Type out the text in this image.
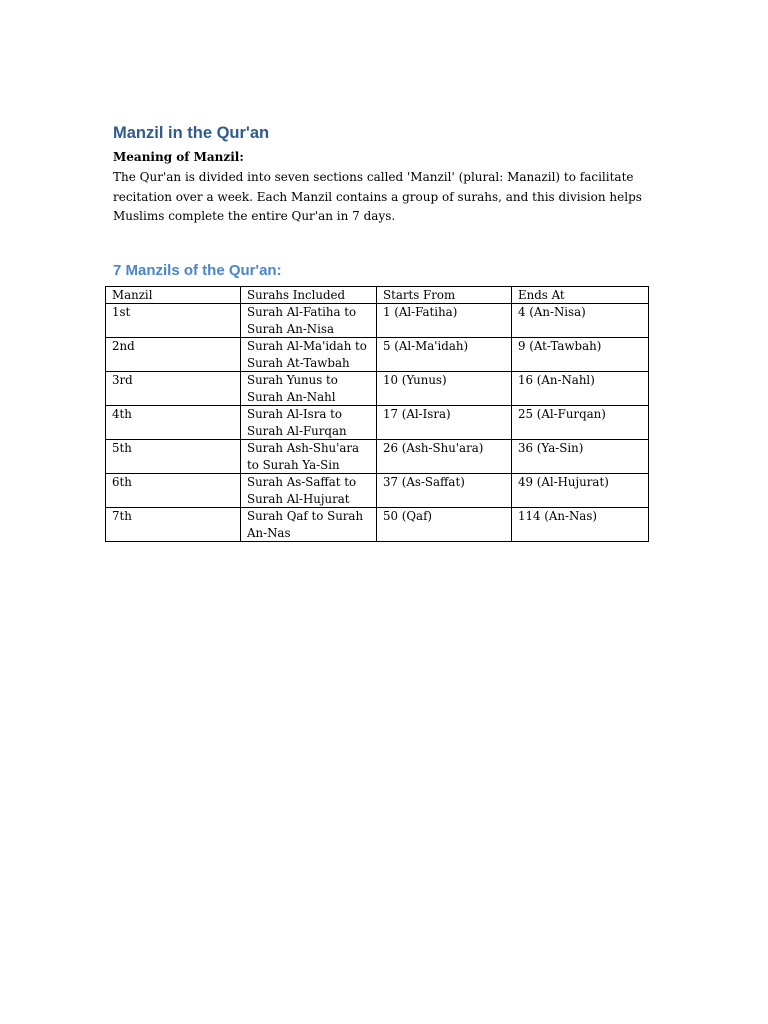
Manzil in the Qur'an

Meaning of Manzil:

The Qur'an is divided into seven sections called 'Manzil' (plural: Manazil) to facilitate
recitation over a week. Each Manzil contains a group of surahs, and this division helps
Muslims complete the entire Qur'an in 7 days.

7 Manzils of the Qur'an:
Manzil	Surahs Included	Starts From	Ends At
1st	Surah Al-Fatiha to Surah An-Nisa	1 (Al-Fatiha)	4 (An-Nisa)
2nd	Surah Al-Ma'idah to Surah At-Tawbah	5 (Al-Ma'idah)	9 (At-Tawbah)
3rd	Surah Yunus to Surah An-Nahl	10 (Yunus)	16 (An-Nahl)
4th	Surah Al-Isra to Surah Al-Furqan	17 (Al-Isra)	25 (Al-Furqan)
5th	Surah Ash-Shu'ara to Surah Ya-Sin	26 (Ash-Shu'ara)	36 (Ya-Sin)
6th	Surah As-Saffat to Surah Al-Hujurat	37 (As-Saffat)	49 (Al-Hujurat)
7th	Surah Qaf to Surah An-Nas	50 (Qaf)	114 (An-Nas)
